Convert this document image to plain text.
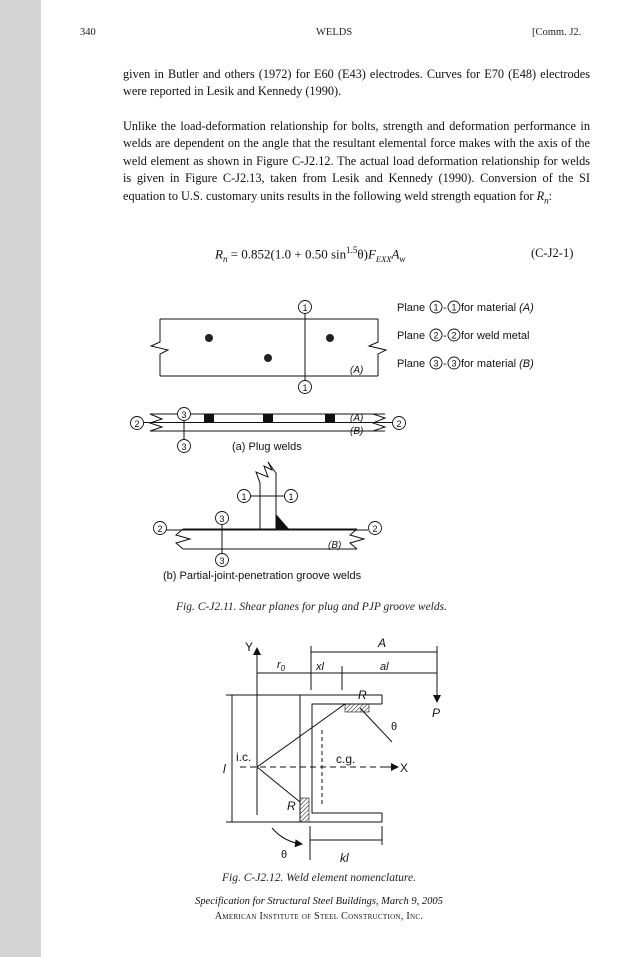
340	WELDS	[Comm. J2.

given in Butler and others (1972) for E60 (E43) electrodes. Curves for E70 (E48) electrodes were reported in Lesik and Kennedy (1990).

Unlike the load-deformation relationship for bolts, strength and deformation performance in welds are dependent on the angle that the resultant elemental force makes with the axis of the weld element as shown in Figure C-J2.12. The actual load deformation relationship for welds is given in Figure C-J2.13, taken from Lesik and Kennedy (1990). Conversion of the SI equation to U.S. customary units results in the following weld strength equation for $R_n$:

$R_n = 0.852(1.0 + 0.50$ $\sin^{1.5}\theta)F_{EXX}A_w$	(C-J2-1)
1
1
(A)
Plane 1 - 1 for material (A)
Plane 2 - 2 for weld metal
Plane 3 - 3 for material (B)
3
3
2	2
(A)
(B)
(a) Plug welds
1	1
3
3
2	2
(B)
(b) Partial-joint-penetration groove welds
Fig. C-J2.11. Shear planes for plug and PJP groove welds.
Y
X
A
$r_0$	xl	al
l
i.c.	c.g.
R
θ
R
θ
P
kl
Fig. C-J2.12. Weld element nomenclature.
Specification for Structural Steel Buildings, March 9, 2005
American Institute of Steel Construction, Inc.
